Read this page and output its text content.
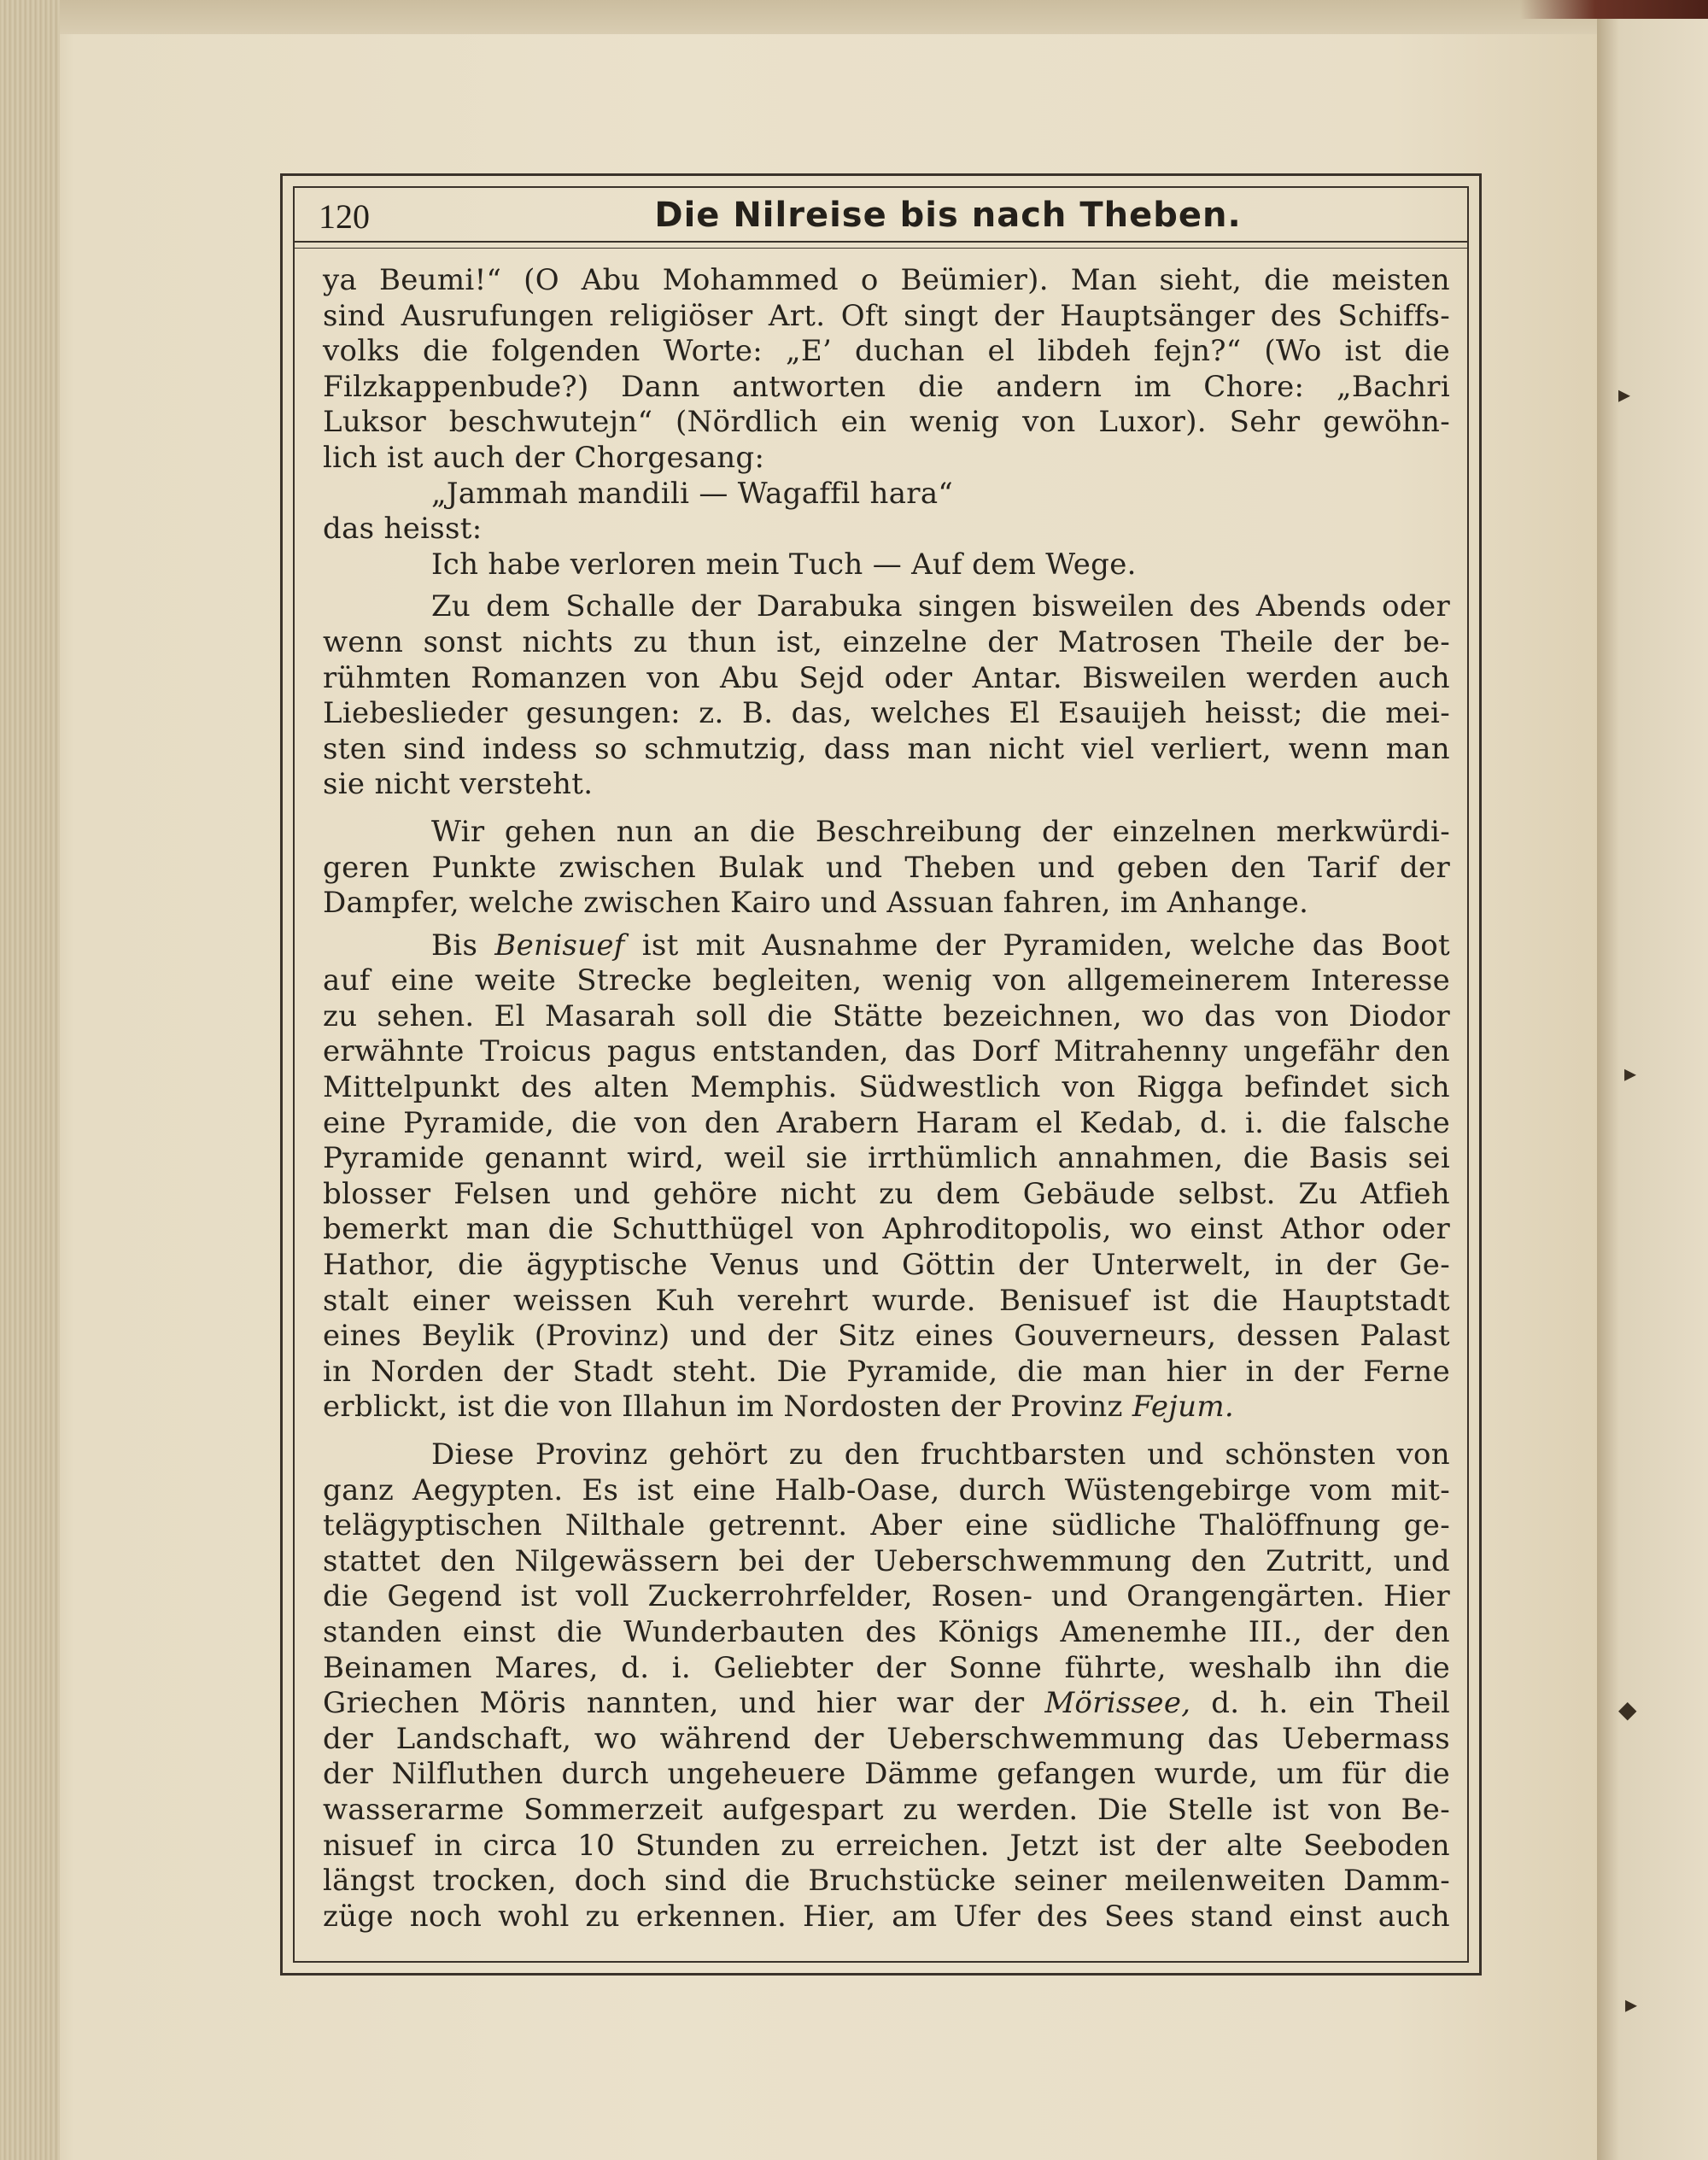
▸
▸
◆
▸
120	Die Nilreise bis nach Theben.
ya Beumi!“ (O Abu Mohammed o Beümier). Man sieht, die meisten
sind Ausrufungen religiöser Art. Oft singt der Hauptsänger des Schiffs-
volks die folgenden Worte: „E’ duchan el libdeh fejn?“ (Wo ist die
Filzkappenbude?) Dann antworten die andern im Chore: „Bachri
Luksor beschwutejn“ (Nördlich ein wenig von Luxor). Sehr gewöhn-
lich ist auch der Chorgesang:
„Jammah mandili — Wagaffil hara“
das heisst:
Ich habe verloren mein Tuch — Auf dem Wege.
Zu dem Schalle der Darabuka singen bisweilen des Abends oder
wenn sonst nichts zu thun ist, einzelne der Matrosen Theile der be-
rühmten Romanzen von Abu Sejd oder Antar. Bisweilen werden auch
Liebeslieder gesungen: z. B. das, welches El Esauijeh heisst; die mei-
sten sind indess so schmutzig, dass man nicht viel verliert, wenn man
sie nicht versteht.
Wir gehen nun an die Beschreibung der einzelnen merkwürdi-
geren Punkte zwischen Bulak und Theben und geben den Tarif der
Dampfer, welche zwischen Kairo und Assuan fahren, im Anhange.
Bis Benisuef ist mit Ausnahme der Pyramiden, welche das Boot
auf eine weite Strecke begleiten, wenig von allgemeinerem Interesse
zu sehen. El Masarah soll die Stätte bezeichnen, wo das von Diodor
erwähnte Troicus pagus entstanden, das Dorf Mitrahenny ungefähr den
Mittelpunkt des alten Memphis. Südwestlich von Rigga befindet sich
eine Pyramide, die von den Arabern Haram el Kedab, d. i. die falsche
Pyramide genannt wird, weil sie irrthümlich annahmen, die Basis sei
blosser Felsen und gehöre nicht zu dem Gebäude selbst. Zu Atfieh
bemerkt man die Schutthügel von Aphroditopolis, wo einst Athor oder
Hathor, die ägyptische Venus und Göttin der Unterwelt, in der Ge-
stalt einer weissen Kuh verehrt wurde. Benisuef ist die Hauptstadt
eines Beylik (Provinz) und der Sitz eines Gouverneurs, dessen Palast
in Norden der Stadt steht. Die Pyramide, die man hier in der Ferne
erblickt, ist die von Illahun im Nordosten der Provinz Fejum.
Diese Provinz gehört zu den fruchtbarsten und schönsten von
ganz Aegypten. Es ist eine Halb-Oase, durch Wüstengebirge vom mit-
telägyptischen Nilthale getrennt. Aber eine südliche Thalöffnung ge-
stattet den Nilgewässern bei der Ueberschwemmung den Zutritt, und
die Gegend ist voll Zuckerrohrfelder, Rosen- und Orangengärten. Hier
standen einst die Wunderbauten des Königs Amenemhe III., der den
Beinamen Mares, d. i. Geliebter der Sonne führte, weshalb ihn die
Griechen Möris nannten, und hier war der Mörissee, d. h. ein Theil
der Landschaft, wo während der Ueberschwemmung das Uebermass
der Nilfluthen durch ungeheuere Dämme gefangen wurde, um für die
wasserarme Sommerzeit aufgespart zu werden. Die Stelle ist von Be-
nisuef in circa 10 Stunden zu erreichen. Jetzt ist der alte Seeboden
längst trocken, doch sind die Bruchstücke seiner meilenweiten Damm-
züge noch wohl zu erkennen. Hier, am Ufer des Sees stand einst auch
